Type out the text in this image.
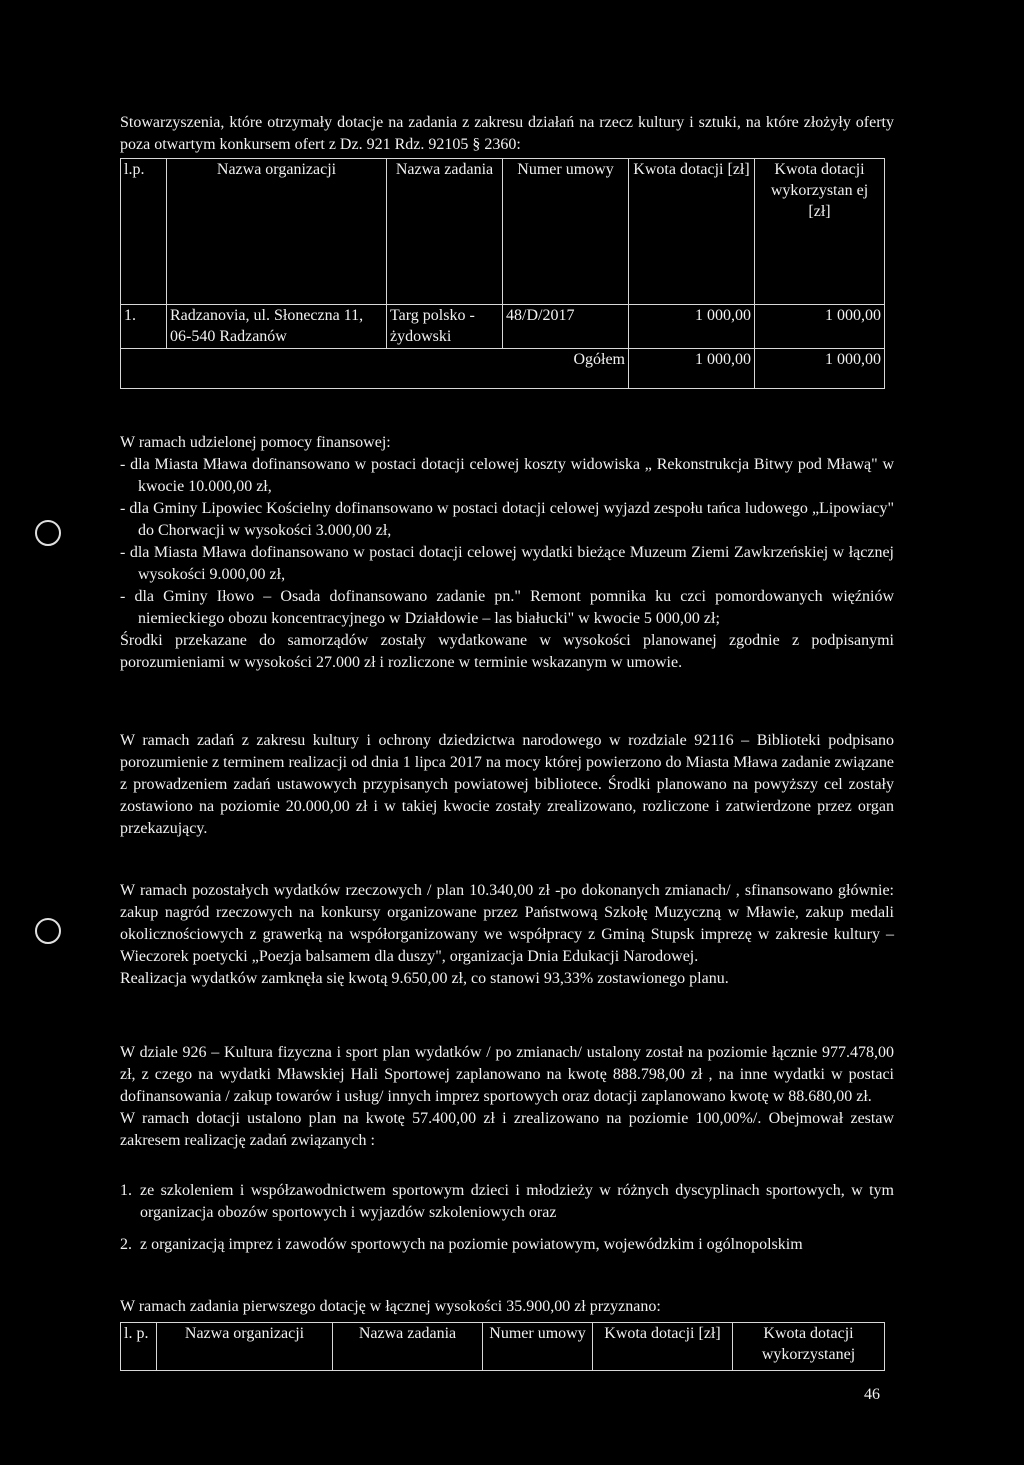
Stowarzyszenia, które otrzymały dotacje na zadania z zakresu działań na rzecz kultury i sztuki, na które złożyły oferty poza otwartym konkursem ofert z Dz. 921 Rdz. 92105 § 2360:

l.p.	Nazwa organizacji	Nazwa zadania	Numer umowy	Kwota dotacji [zł]	Kwota dotacji wykorzystan ej [zł]
1.	Radzanovia, ul. Słoneczna 11, 06-540 Radzanów	Targ polsko - żydowski	48/D/2017	1 000,00	1 000,00
Ogółem				1 000,00	1 000,00

W ramach udzielonej pomocy finansowej:

- dla Miasta Mława dofinansowano w postaci dotacji celowej koszty widowiska „ Rekonstrukcja Bitwy pod Mławą" w kwocie 10.000,00 zł,

- dla Gminy Lipowiec Kościelny dofinansowano w postaci dotacji celowej wyjazd zespołu tańca ludowego „Lipowiacy" do Chorwacji w wysokości 3.000,00 zł,

- dla Miasta Mława dofinansowano w postaci dotacji celowej wydatki bieżące Muzeum Ziemi Zawkrzeńskiej w łącznej wysokości 9.000,00 zł,

- dla Gminy Iłowo – Osada dofinansowano zadanie pn." Remont pomnika ku czci pomordowanych więźniów niemieckiego obozu koncentracyjnego w Działdowie – las białucki" w kwocie 5 000,00 zł;

Środki przekazane do samorządów zostały wydatkowane w wysokości planowanej zgodnie z podpisanymi porozumieniami w wysokości 27.000 zł i rozliczone w terminie wskazanym w umowie.

W ramach zadań z zakresu kultury i ochrony dziedzictwa narodowego w rozdziale 92116 – Biblioteki podpisano porozumienie z terminem realizacji od dnia 1 lipca 2017 na mocy której powierzono do Miasta Mława zadanie związane z prowadzeniem zadań ustawowych przypisanych powiatowej bibliotece. Środki planowano na powyższy cel zostały zostawiono na poziomie 20.000,00 zł i w takiej kwocie zostały zrealizowano, rozliczone i zatwierdzone przez organ przekazujący.

W ramach pozostałych wydatków rzeczowych / plan 10.340,00 zł -po dokonanych zmianach/ , sfinansowano głównie: zakup nagród rzeczowych na konkursy organizowane przez Państwową Szkołę Muzyczną w Mławie, zakup medali okolicznościowych z grawerką na współorganizowany we współpracy z Gminą Stupsk imprezę w zakresie kultury – Wieczorek poetycki „Poezja balsamem dla duszy", organizacja Dnia Edukacji Narodowej.

Realizacja wydatków zamknęła się kwotą 9.650,00 zł, co stanowi 93,33% zostawionego planu.

W dziale 926 – Kultura fizyczna i sport plan wydatków / po zmianach/ ustalony został na poziomie łącznie 977.478,00 zł, z czego na wydatki Mławskiej Hali Sportowej zaplanowano na kwotę 888.798,00 zł , na inne wydatki w postaci dofinansowania / zakup towarów i usług/ innych imprez sportowych oraz dotacji zaplanowano kwotę w 88.680,00 zł.

W ramach dotacji ustalono plan na kwotę 57.400,00 zł i zrealizowano na poziomie 100,00%/. Obejmował zestaw zakresem realizację zadań związanych :

1. ze szkoleniem i współzawodnictwem sportowym dzieci i młodzieży w różnych dyscyplinach sportowych, w tym organizacja obozów sportowych i wyjazdów szkoleniowych oraz
2. z organizacją imprez i zawodów sportowych na poziomie powiatowym, wojewódzkim i ogólnopolskim

W ramach zadania pierwszego dotację w łącznej wysokości 35.900,00 zł przyznano:

l. p.	Nazwa organizacji	Nazwa zadania	Numer umowy	Kwota dotacji [zł]	Kwota dotacji wykorzystanej
46
